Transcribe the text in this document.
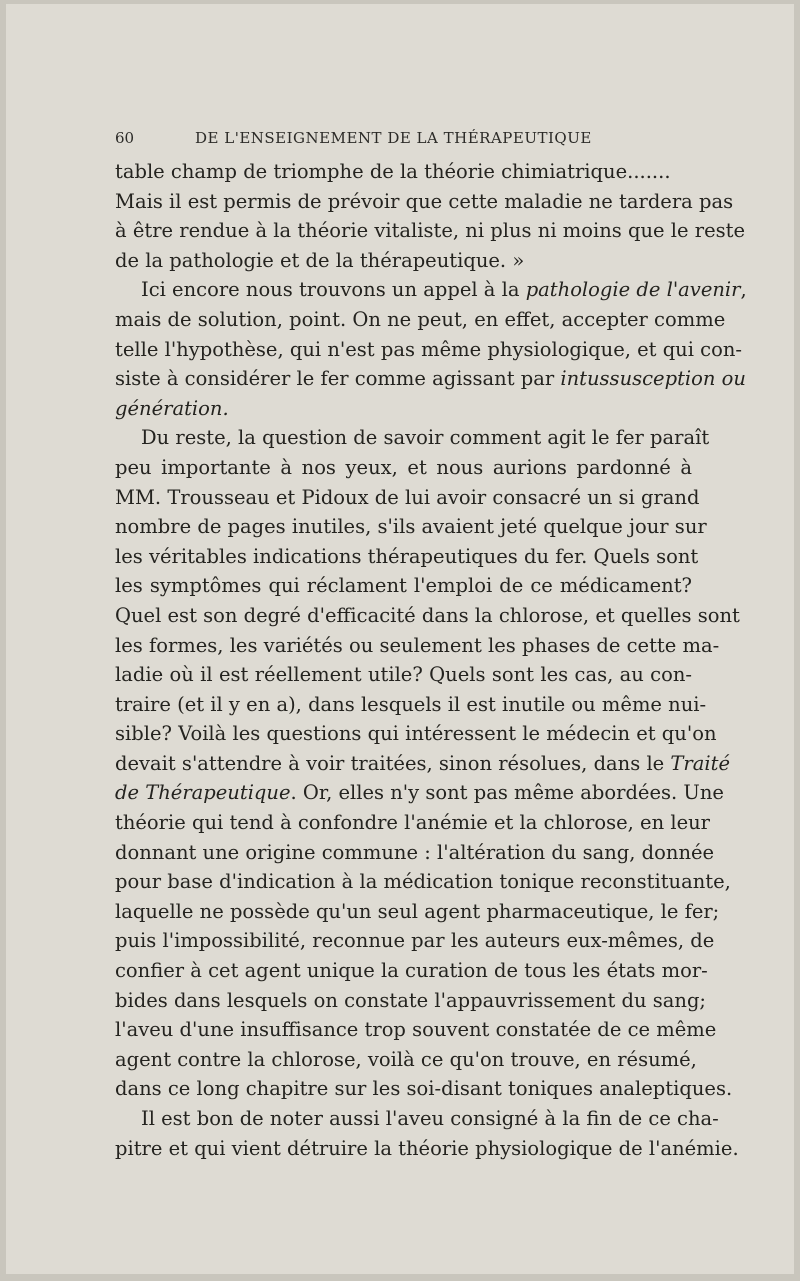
60	DE L'ENSEIGNEMENT DE LA THÉRAPEUTIQUE
table champ de triomphe de la théorie chimiatrique.......
Mais il est permis de prévoir que cette maladie ne tardera pas
à être rendue à la théorie vitaliste, ni plus ni moins que le reste
de la pathologie et de la thérapeutique. »
Ici encore nous trouvons un appel à la pathologie de l'avenir,
mais de solution, point. On ne peut, en effet, accepter comme
telle l'hypothèse, qui n'est pas même physiologique, et qui con-
siste à considérer le fer comme agissant par intussusception ou
génération.
Du reste, la question de savoir comment agit le fer paraît
peu importante à nos yeux, et nous aurions pardonné à
MM. Trousseau et Pidoux de lui avoir consacré un si grand
nombre de pages inutiles, s'ils avaient jeté quelque jour sur
les véritables indications thérapeutiques du fer. Quels sont
les symptômes qui réclament l'emploi de ce médicament?
Quel est son degré d'efficacité dans la chlorose, et quelles sont
les formes, les variétés ou seulement les phases de cette ma-
ladie où il est réellement utile? Quels sont les cas, au con-
traire (et il y en a), dans lesquels il est inutile ou même nui-
sible? Voilà les questions qui intéressent le médecin et qu'on
devait s'attendre à voir traitées, sinon résolues, dans le Traité
de Thérapeutique. Or, elles n'y sont pas même abordées. Une
théorie qui tend à confondre l'anémie et la chlorose, en leur
donnant une origine commune : l'altération du sang, donnée
pour base d'indication à la médication tonique reconstituante,
laquelle ne possède qu'un seul agent pharmaceutique, le fer;
puis l'impossibilité, reconnue par les auteurs eux-mêmes, de
confier à cet agent unique la curation de tous les états mor-
bides dans lesquels on constate l'appauvrissement du sang;
l'aveu d'une insuffisance trop souvent constatée de ce même
agent contre la chlorose, voilà ce qu'on trouve, en résumé,
dans ce long chapitre sur les soi-disant toniques analeptiques.
Il est bon de noter aussi l'aveu consigné à la fin de ce cha-
pitre et qui vient détruire la théorie physiologique de l'anémie.
